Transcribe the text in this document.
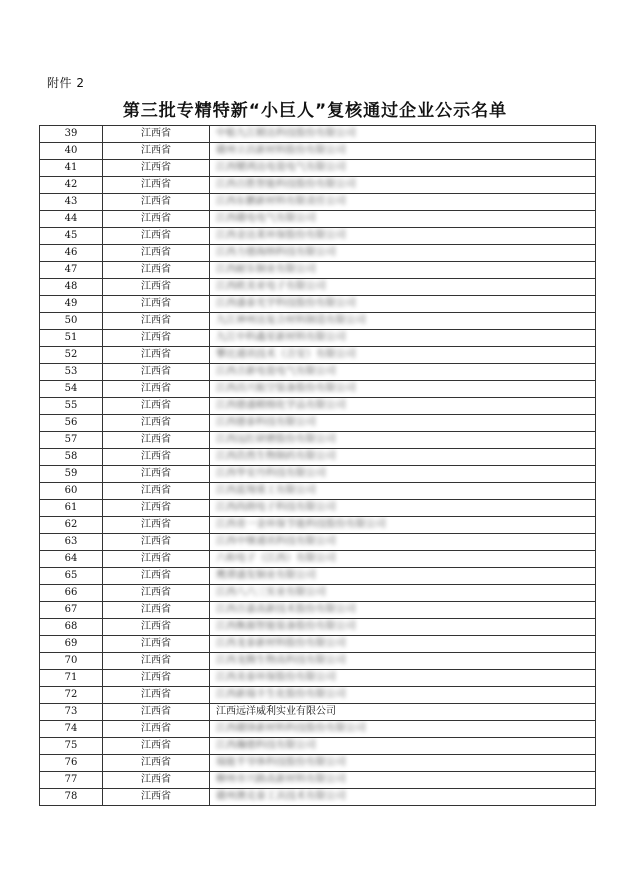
附件 2
第三批专精特新“小巨人”复核通过企业公示名单
39	江西省	中船九江精达科技股份有限公司
40	江西省	赣州立昌新材料股份有限公司
41	江西省	江西變鸿达电瓷电气有限公司
42	江西省	江西百胜智能科技股份有限公司
43	江西省	江西东鹏新材料有限责任公司
44	江西省	江西赣电电气有限公司
45	江西省	江西金达莱环保股份有限公司
46	江西省	江西力德海纳科技有限公司
47	江西省	江西耐乐铜业有限公司
48	江西省	江西欧美亚电子有限公司
49	江西省	江西盛泰光学科技股份有限公司
50	江西省	九江神州达复合材料制造有限公司
51	江西省	九江中科鑫星新材料有限公司
52	江西省	攀比通讯技术（吉安）有限公司
53	江西省	江西吉新电瓷电气有限公司
54	江西省	江西昌兴航空装备股份有限公司
55	江西省	江西德盛精细化学品有限公司
56	江西省	江西德泰科技有限公司
57	江西省	江西远红研磨股份有限公司
58	江西省	江西浩然生物制药有限公司
59	江西省	江西华安丹科技有限公司
60	江西省	江西蓝翔重工有限公司
61	江西省	江西尚朗电子科技有限公司
62	江西省	江西省一金环保节能科技股份有限公司
63	江西省	江西中继通讯科技有限公司
64	江西省	六和电子（江西）有限公司
65	江西省	鹰潭盛发铜业有限公司
66	江西省	江西八六三实业有限公司
67	江西省	江西百嘉高新技术股份有限公司
68	江西省	江西衡源智能装备股份有限公司
69	江西省	江西龙泰新材料股份有限公司
70	江西省	江西龙腾生物高科技有限公司
71	江西省	江西美泰环保股份有限公司
72	江西省	江西新瑞丰生化股份有限公司
73	江西省	江西远洋威利实业有限公司
74	江西省	江西赣锋新材料科技股份有限公司
75	江西省	江西瀚德科技有限公司
76	江西省	瑞能半导体科技股份有限公司
77	江西省	柳州市兴路高新材料有限公司
78	江西省	赣州澳克泰工具技术有限公司
